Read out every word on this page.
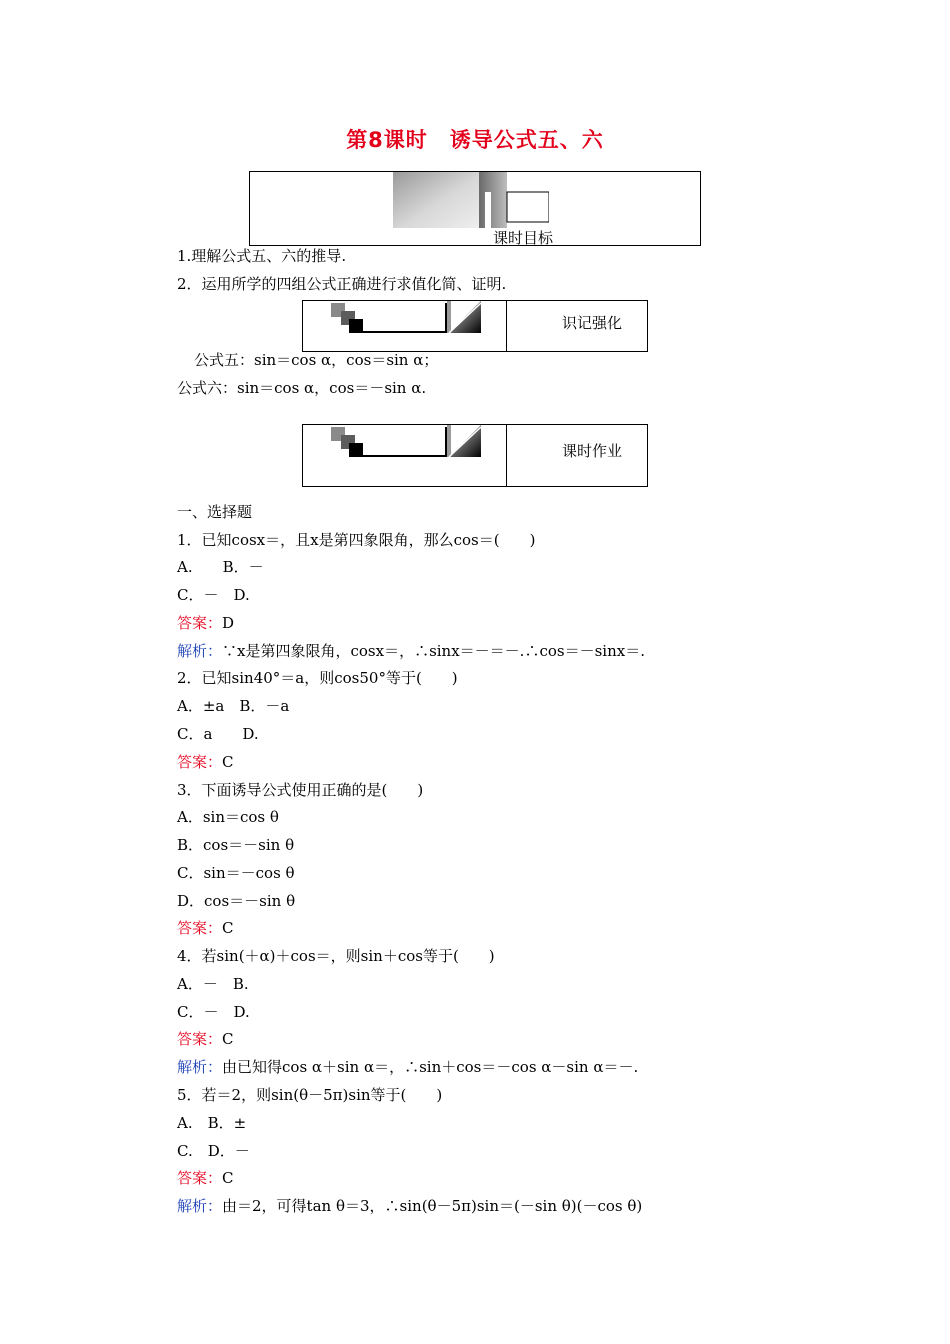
第8课时　诱导公式五、六
课时目标
1.理解公式五、六的推导.
2．运用所学的四组公式正确进行求值化简、证明.
识记强化
公式五：sin＝cos α，cos＝sin α；
公式六：sin＝cos α，cos＝－sin α.
课时作业
一、选择题
1．已知cosx＝，且x是第四象限角，那么cos＝(　　)
A.　　B．－
C．－　D.
答案：D
解析：∵x是第四象限角，cosx＝，∴sinx＝－＝－.∴cos＝－sinx＝.
2．已知sin40°＝a，则cos50°等于(　　)
A．±a　B．－a
C．a　　D.
答案：C
3．下面诱导公式使用正确的是(　　)
A．sin＝cos θ
B．cos＝－sin θ
C．sin＝－cos θ
D．cos＝－sin θ
答案：C
4．若sin(＋α)＋cos＝，则sin＋cos等于(　　)
A．－　B.
C．－　D.
答案：C
解析：由已知得cos α＋sin α＝，∴sin＋cos＝－cos α－sin α＝－.
5．若＝2，则sin(θ－5π)sin等于(　　)
A.　B．±
C.　D．－
答案：C
解析：由＝2，可得tan θ＝3，∴sin(θ－5π)sin＝(－sin θ)(－cos θ)
